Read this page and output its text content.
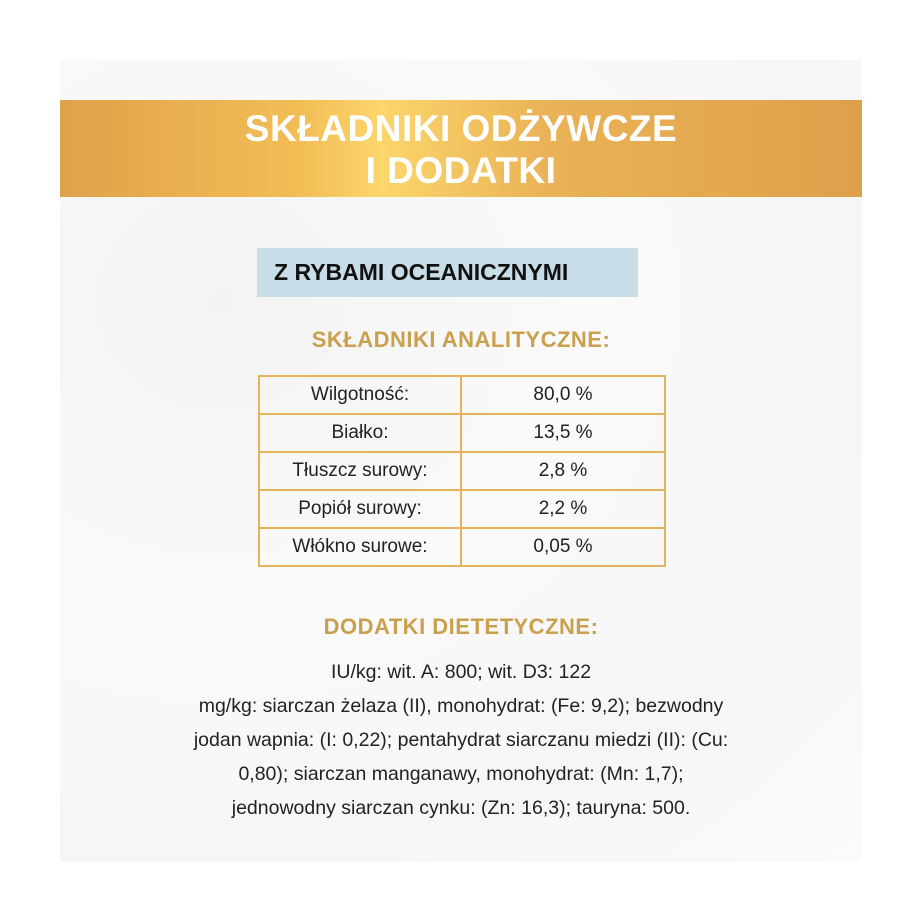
SKŁADNIKI ODŻYWCZE
I DODATKI
Z RYBAMI OCEANICZNYMI
SKŁADNIKI ANALITYCZNE:
Wilgotność:	80,0 %
Białko:	13,5 %
Tłuszcz surowy:	2,8 %
Popiół surowy:	2,2 %
Włókno surowe:	0,05 %
DODATKI DIETETYCZNE:
IU/kg: wit. A: 800; wit. D3: 122
mg/kg: siarczan żelaza (II), monohydrat: (Fe: 9,2); bezwodny
jodan wapnia: (I: 0,22); pentahydrat siarczanu miedzi (II): (Cu:
0,80); siarczan manganawy, monohydrat: (Mn: 1,7);
jednowodny siarczan cynku: (Zn: 16,3); tauryna: 500.
